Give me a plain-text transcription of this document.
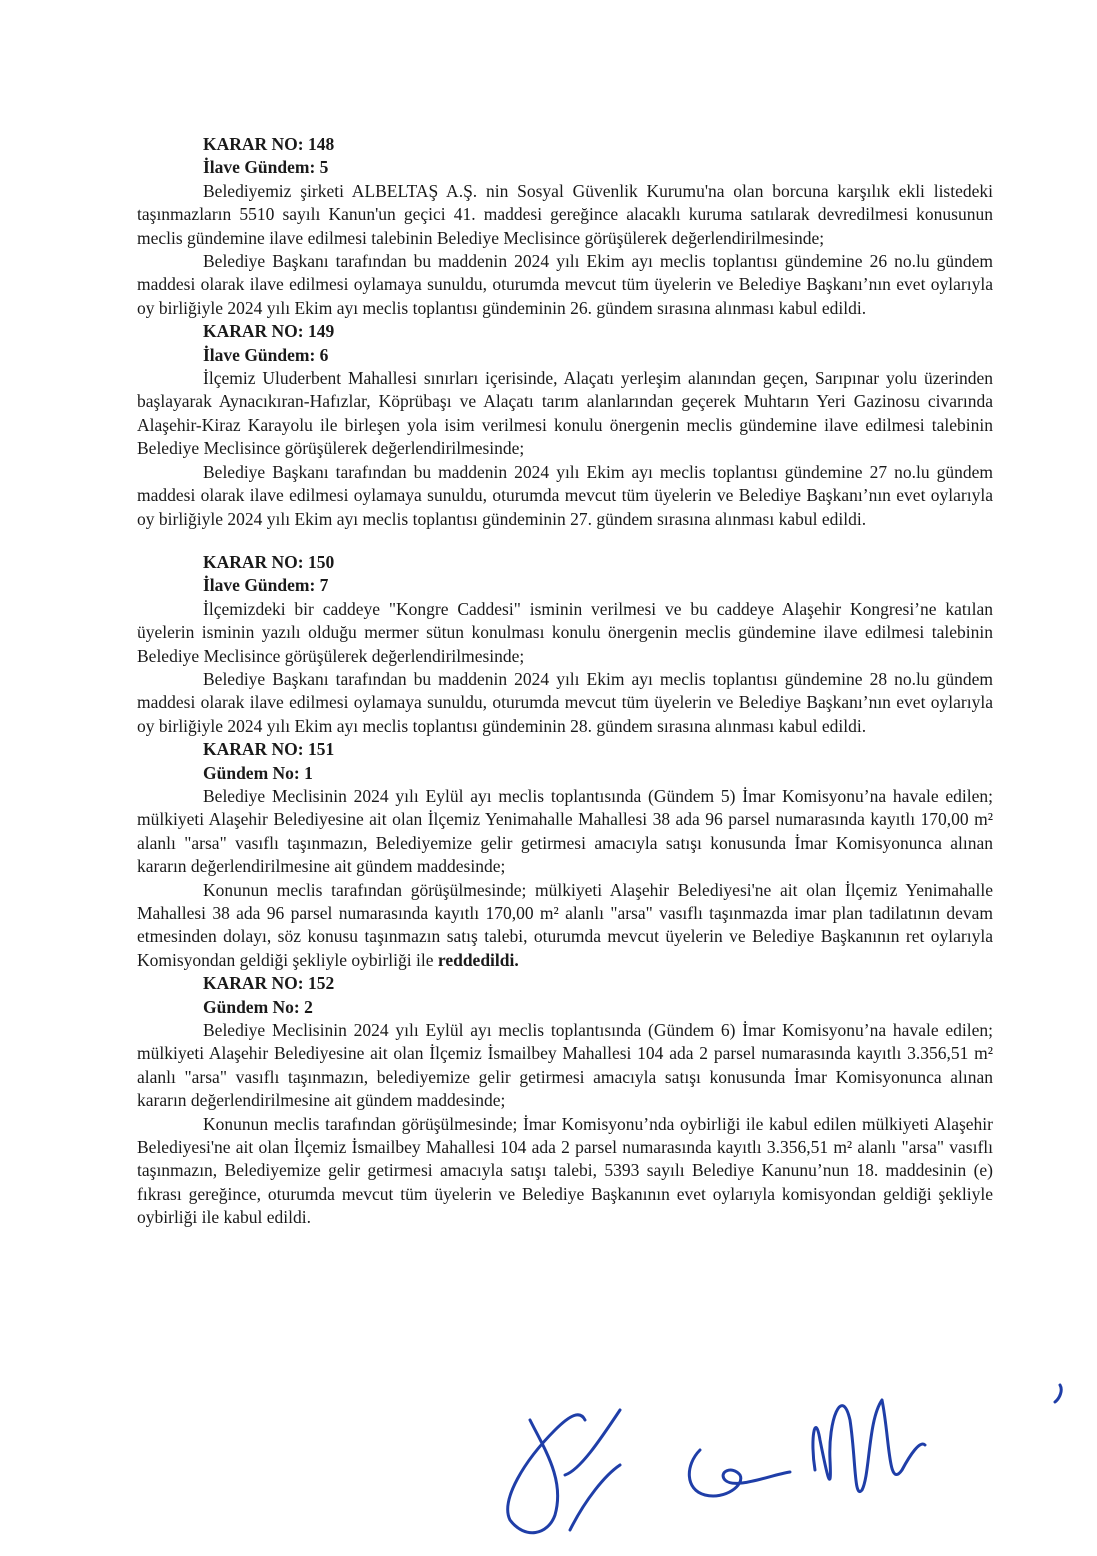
KARAR NO: 148
İlave Gündem: 5

Belediyemiz şirketi ALBELTAŞ A.Ş. nin Sosyal Güvenlik Kurumu'na olan borcuna karşılık ekli listedeki taşınmazların 5510 sayılı Kanun'un geçici 41. maddesi gereğince alacaklı kuruma satılarak devredilmesi konusunun meclis gündemine ilave edilmesi talebinin Belediye Meclisince görüşülerek değerlendirilmesinde;

Belediye Başkanı tarafından bu maddenin 2024 yılı Ekim ayı meclis toplantısı gündemine 26 no.lu gündem maddesi olarak ilave edilmesi oylamaya sunuldu, oturumda mevcut tüm üyelerin ve Belediye Başkanı’nın evet oylarıyla oy birliğiyle 2024 yılı Ekim ayı meclis toplantısı gündeminin 26. gündem sırasına alınması kabul edildi.

KARAR NO: 149
İlave Gündem: 6

İlçemiz Uluderbent Mahallesi sınırları içerisinde, Alaçatı yerleşim alanından geçen, Sarıpınar yolu üzerinden başlayarak Aynacıkıran-Hafızlar, Köprübaşı ve Alaçatı tarım alanlarından geçerek Muhtarın Yeri Gazinosu civarında Alaşehir-Kiraz Karayolu ile birleşen yola isim verilmesi konulu önergenin meclis gündemine ilave edilmesi talebinin Belediye Meclisince görüşülerek değerlendirilmesinde;

Belediye Başkanı tarafından bu maddenin 2024 yılı Ekim ayı meclis toplantısı gündemine 27 no.lu gündem maddesi olarak ilave edilmesi oylamaya sunuldu, oturumda mevcut tüm üyelerin ve Belediye Başkanı’nın evet oylarıyla oy birliğiyle 2024 yılı Ekim ayı meclis toplantısı gündeminin 27. gündem sırasına alınması kabul edildi.

KARAR NO: 150
İlave Gündem: 7

İlçemizdeki bir caddeye "Kongre Caddesi" isminin verilmesi ve bu caddeye Alaşehir Kongresi’ne katılan üyelerin isminin yazılı olduğu mermer sütun konulması konulu önergenin meclis gündemine ilave edilmesi talebinin Belediye Meclisince görüşülerek değerlendirilmesinde;

Belediye Başkanı tarafından bu maddenin 2024 yılı Ekim ayı meclis toplantısı gündemine 28 no.lu gündem maddesi olarak ilave edilmesi oylamaya sunuldu, oturumda mevcut tüm üyelerin ve Belediye Başkanı’nın evet oylarıyla oy birliğiyle 2024 yılı Ekim ayı meclis toplantısı gündeminin 28. gündem sırasına alınması kabul edildi.

KARAR NO: 151
Gündem No: 1

Belediye Meclisinin 2024 yılı Eylül ayı meclis toplantısında (Gündem 5) İmar Komisyonu’na havale edilen; mülkiyeti Alaşehir Belediyesine ait olan İlçemiz Yenimahalle Mahallesi 38 ada 96 parsel numarasında kayıtlı 170,00 m² alanlı "arsa" vasıflı taşınmazın, Belediyemize gelir getirmesi amacıyla satışı konusunda İmar Komisyonunca alınan kararın değerlendirilmesine ait gündem maddesinde;

Konunun meclis tarafından görüşülmesinde; mülkiyeti Alaşehir Belediyesi'ne ait olan İlçemiz Yenimahalle Mahallesi 38 ada 96 parsel numarasında kayıtlı 170,00 m² alanlı "arsa" vasıflı taşınmazda imar plan tadilatının devam etmesinden dolayı, söz konusu taşınmazın satış talebi, oturumda mevcut üyelerin ve Belediye Başkanının ret oylarıyla Komisyondan geldiği şekliyle oybirliği ile reddedildi.

KARAR NO: 152
Gündem No: 2

Belediye Meclisinin 2024 yılı Eylül ayı meclis toplantısında (Gündem 6) İmar Komisyonu’na havale edilen; mülkiyeti Alaşehir Belediyesine ait olan İlçemiz İsmailbey Mahallesi 104 ada 2 parsel numarasında kayıtlı 3.356,51 m² alanlı "arsa" vasıflı taşınmazın, belediyemize gelir getirmesi amacıyla satışı konusunda İmar Komisyonunca alınan kararın değerlendirilmesine ait gündem maddesinde;

Konunun meclis tarafından görüşülmesinde; İmar Komisyonu’nda oybirliği ile kabul edilen mülkiyeti Alaşehir Belediyesi'ne ait olan İlçemiz İsmailbey Mahallesi 104 ada 2 parsel numarasında kayıtlı 3.356,51 m² alanlı "arsa" vasıflı taşınmazın, Belediyemize gelir getirmesi amacıyla satışı talebi, 5393 sayılı Belediye Kanunu’nun 18. maddesinin (e) fıkrası gereğince, oturumda mevcut tüm üyelerin ve Belediye Başkanının evet oylarıyla komisyondan geldiği şekliyle oybirliği ile kabul edildi.
